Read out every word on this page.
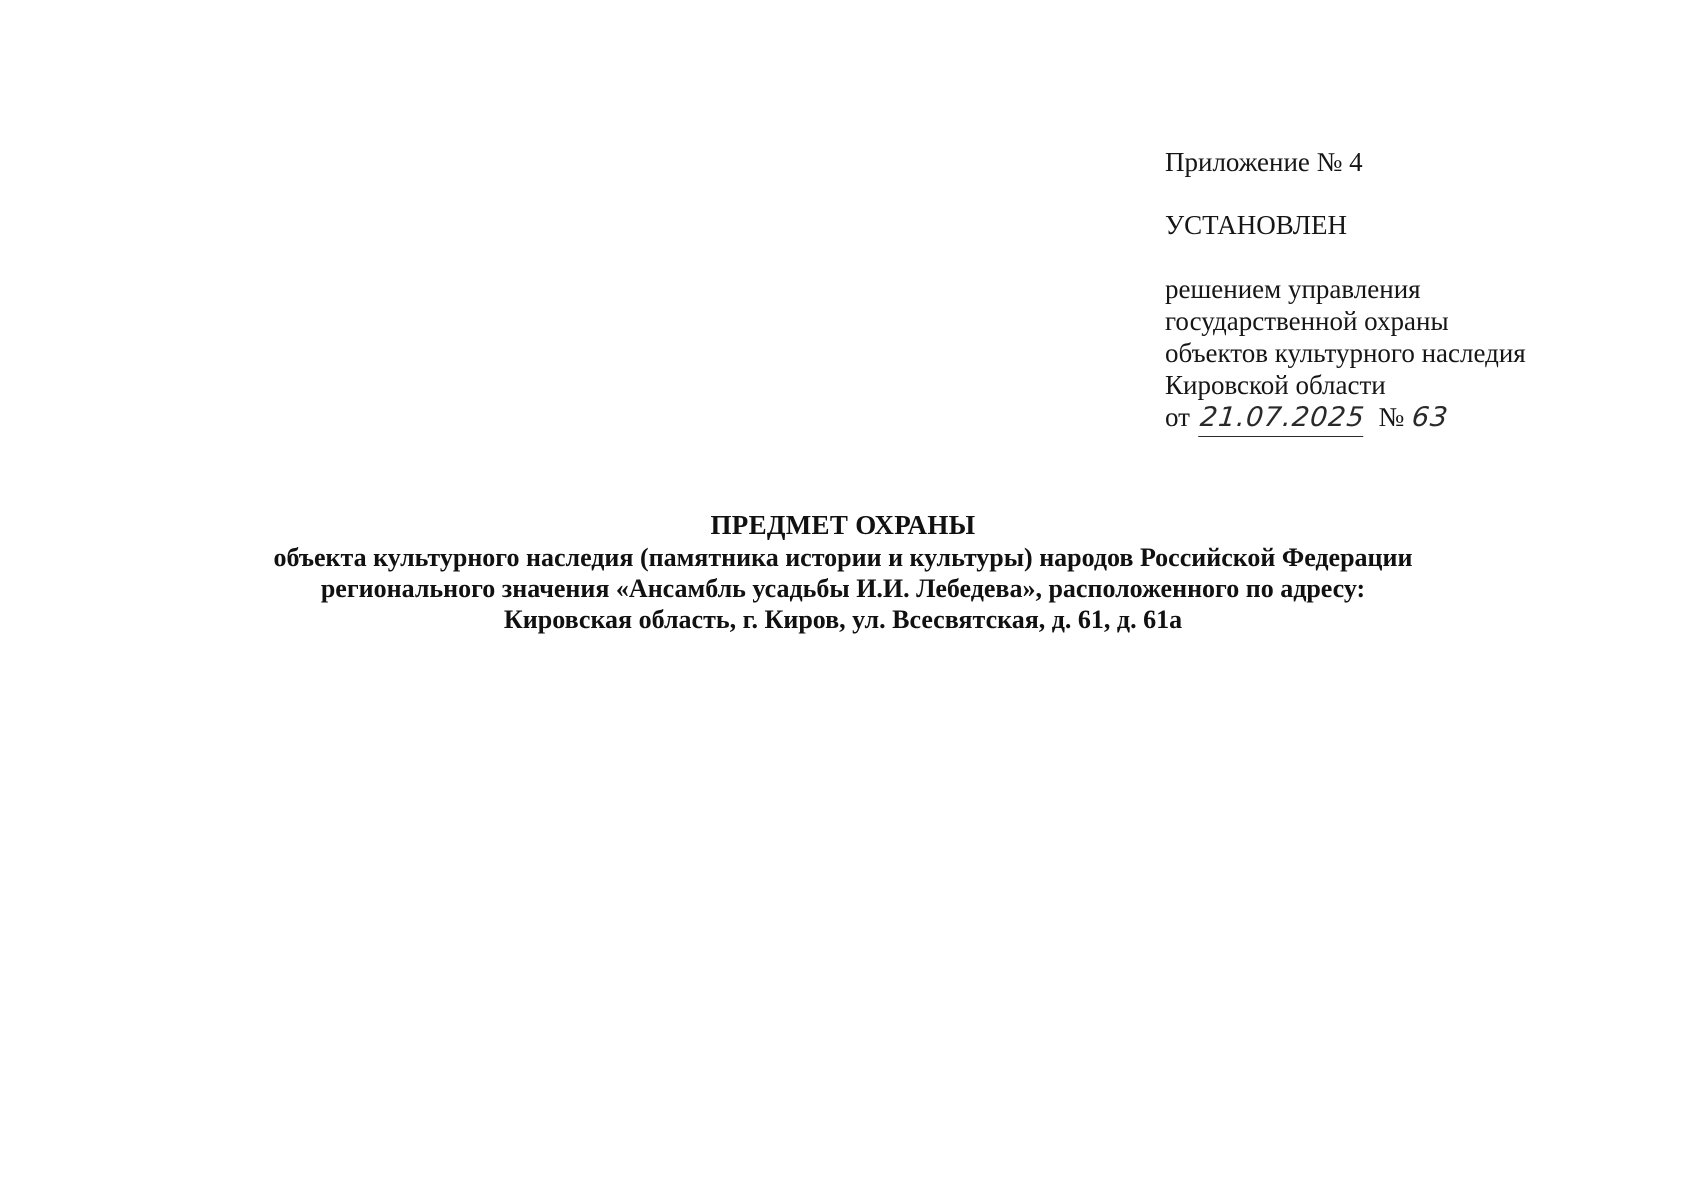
Приложение № 4
УСТАНОВЛЕН
решением управления
государственной охраны
объектов культурного наследия
Кировской области
от 21.07.2025 № 63
ПРЕДМЕТ ОХРАНЫ
объекта культурного наследия (памятника истории и культуры) народов Российской Федерации
регионального значения «Ансамбль усадьбы И.И. Лебедева», расположенного по адресу:
Кировская область, г. Киров, ул. Всесвятская, д. 61, д. 61а
